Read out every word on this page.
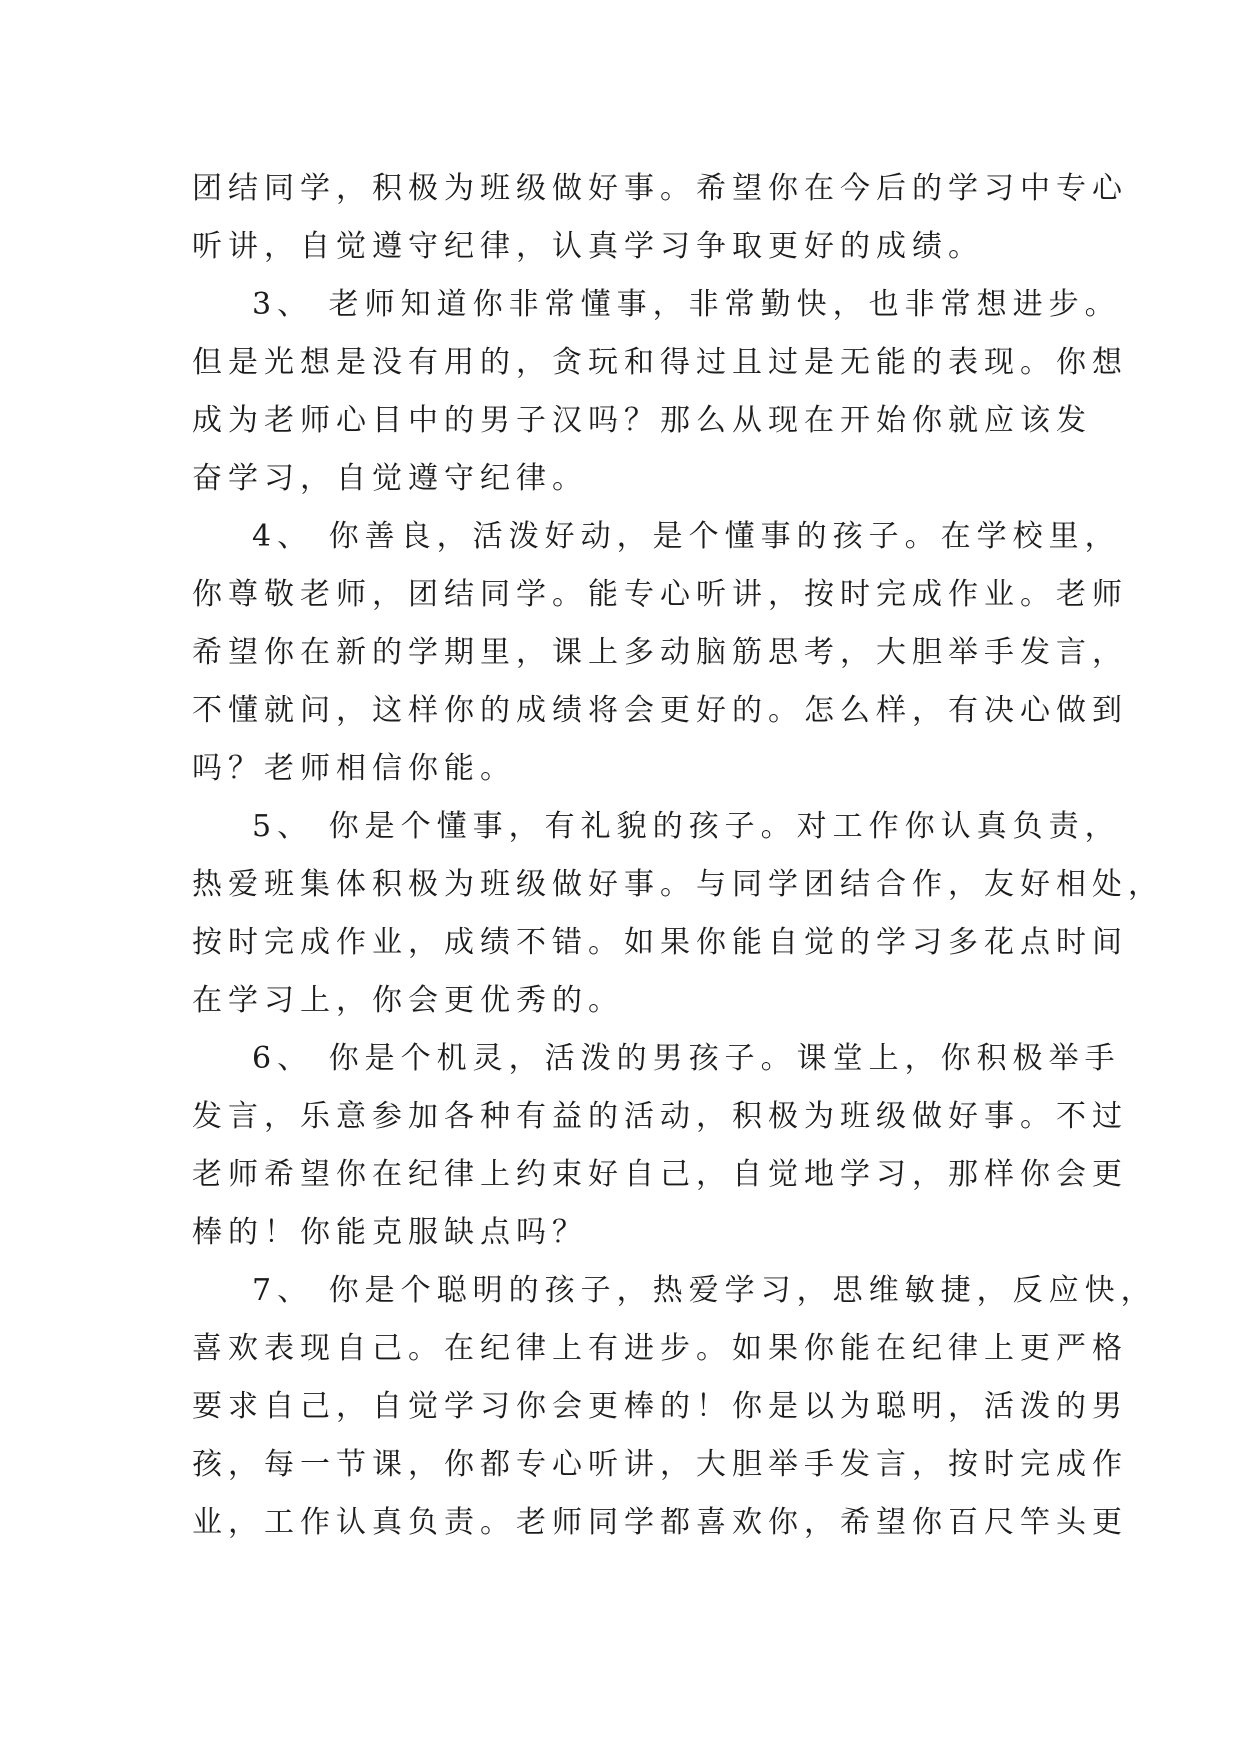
团结同学，积极为班级做好事。希望你在今后的学习中专心
听讲，自觉遵守纪律，认真学习争取更好的成绩。
3、 老师知道你非常懂事，非常勤快，也非常想进步。
但是光想是没有用的，贪玩和得过且过是无能的表现。你想
成为老师心目中的男子汉吗？那么从现在开始你就应该发
奋学习，自觉遵守纪律。
4、 你善良，活泼好动，是个懂事的孩子。在学校里，
你尊敬老师，团结同学。能专心听讲，按时完成作业。老师
希望你在新的学期里，课上多动脑筋思考，大胆举手发言，
不懂就问，这样你的成绩将会更好的。怎么样，有决心做到
吗？老师相信你能。
5、 你是个懂事，有礼貌的孩子。对工作你认真负责，
热爱班集体积极为班级做好事。与同学团结合作，友好相处，
按时完成作业，成绩不错。如果你能自觉的学习多花点时间
在学习上，你会更优秀的。
6、 你是个机灵，活泼的男孩子。课堂上，你积极举手
发言，乐意参加各种有益的活动，积极为班级做好事。不过
老师希望你在纪律上约束好自己，自觉地学习，那样你会更
棒的！你能克服缺点吗？
7、 你是个聪明的孩子，热爱学习，思维敏捷，反应快，
喜欢表现自己。在纪律上有进步。如果你能在纪律上更严格
要求自己，自觉学习你会更棒的！你是以为聪明，活泼的男
孩，每一节课，你都专心听讲，大胆举手发言，按时完成作
业，工作认真负责。老师同学都喜欢你，希望你百尺竿头更
